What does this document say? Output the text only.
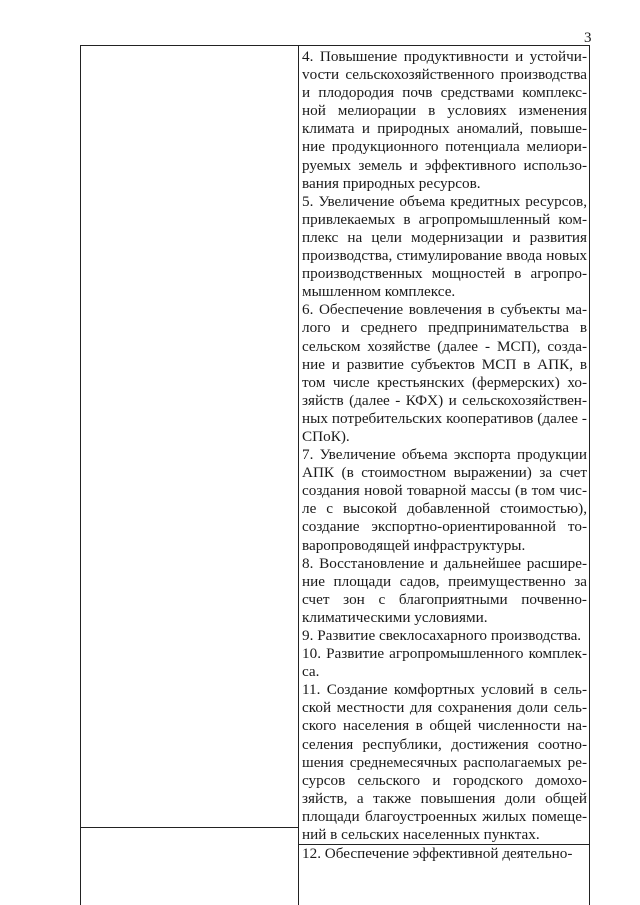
3

4. Повышение продуктивности и устойчиvости сельскохозяйственного производства и плодородия почв средствами комплексной мелиорации в условиях изменения климата и природных аномалий, повышение продукционного потенциала мелиорируемых земель и эффективного использования природных ресурсов.

5. Увеличение объема кредитных ресурсов, привлекаемых в агропромышленный комплекс на цели модернизации и развития производства, стимулирование ввода новых производственных мощностей в агропромышленном комплексе.

6. Обеспечение вовлечения в субъекты малого и среднего предпринимательства в сельском хозяйстве (далее - МСП), создание и развитие субъектов МСП в АПК, в том числе крестьянских (фермерских) хозяйств (далее - КФХ) и сельскохозяйственных потребительских кооперативов (далее - СПоК).

7. Увеличение объема экспорта продукции АПК (в стоимостном выражении) за счет создания новой товарной массы (в том числе с высокой добавленной стоимостью), создание экспортно-ориентированной товаропроводящей инфраструктуры.

8. Восстановление и дальнейшее расширение площади садов, преимущественно за счет зон с благоприятными почвенно-климатическими условиями.

9. Развитие свеклосахарного производства.

10. Развитие агропромышленного комплекса.

11. Создание комфортных условий в сельской местности для сохранения доли сельского населения в общей численности населения республики, достижения соотношения среднемесячных располагаемых ресурсов сельского и городского домохозяйств, а также повышения доли общей площади благоустроенных жилых помещений в сельских населенных пунктах.

12. Обеспечение эффективной деятельно-
